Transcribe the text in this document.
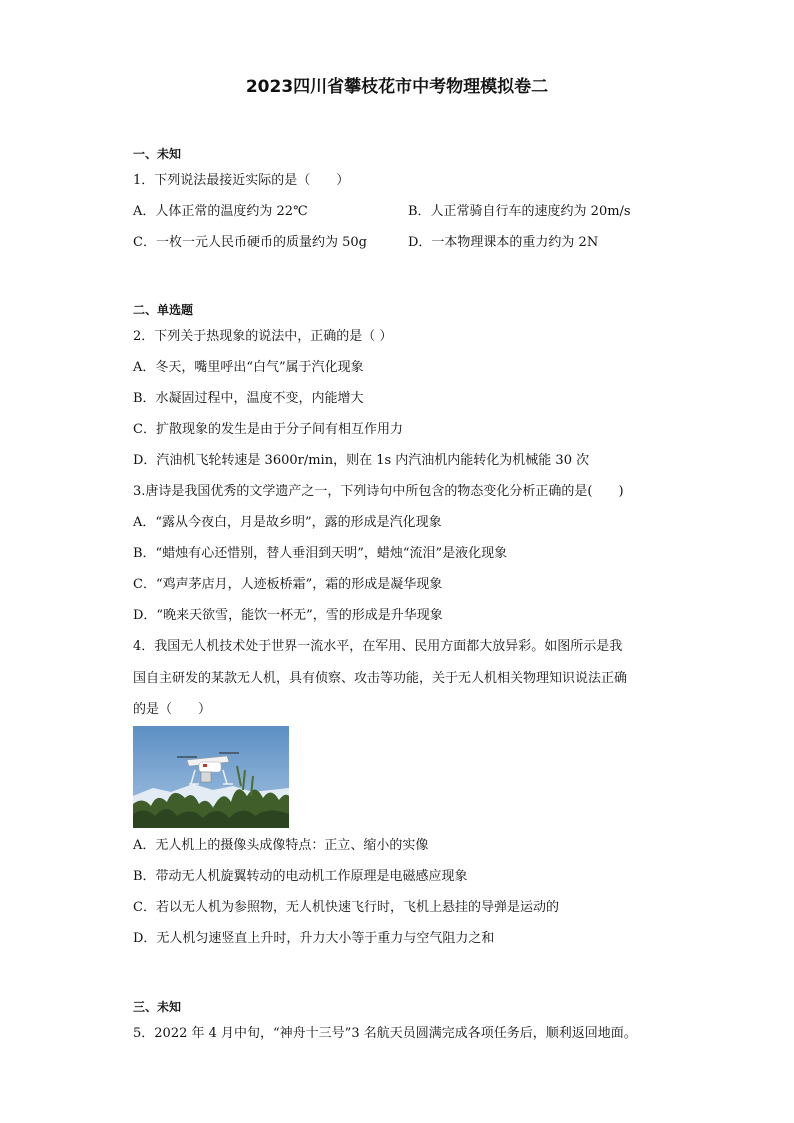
2023四川省攀枝花市中考物理模拟卷二
一、未知
1．下列说法最接近实际的是（　　）
A．人体正常的温度约为 22℃	B．人正常骑自行车的速度约为 20m/s
C．一枚一元人民币硬币的质量约为 50g	D．一本物理课本的重力约为 2N
二、单选题
2．下列关于热现象的说法中，正确的是（ ）
A．冬天，嘴里呼出“白气”属于汽化现象
B．水凝固过程中，温度不变，内能增大
C．扩散现象的发生是由于分子间有相互作用力
D．汽油机飞轮转速是 3600r/min，则在 1s 内汽油机内能转化为机械能 30 次
3.唐诗是我国优秀的文学遗产之一，下列诗句中所包含的物态变化分析正确的是(　　)
A．“露从今夜白，月是故乡明”，露的形成是汽化现象
B．“蜡烛有心还惜别，替人垂泪到天明”，蜡烛“流泪”是液化现象
C．“鸡声茅店月，人迹板桥霜”，霜的形成是凝华现象
D．“晚来天欲雪，能饮一杯无”，雪的形成是升华现象
4．我国无人机技术处于世界一流水平，在军用、民用方面都大放异彩。如图所示是我
国自主研发的某款无人机，具有侦察、攻击等功能，关于无人机相关物理知识说法正确
的是（　　）
A．无人机上的摄像头成像特点：正立、缩小的实像
B．带动无人机旋翼转动的电动机工作原理是电磁感应现象
C．若以无人机为参照物，无人机快速飞行时，飞机上悬挂的导弹是运动的
D．无人机匀速竖直上升时，升力大小等于重力与空气阻力之和
三、未知
5．2022 年 4 月中旬，“神舟十三号”3 名航天员圆满完成各项任务后，顺利返回地面。
